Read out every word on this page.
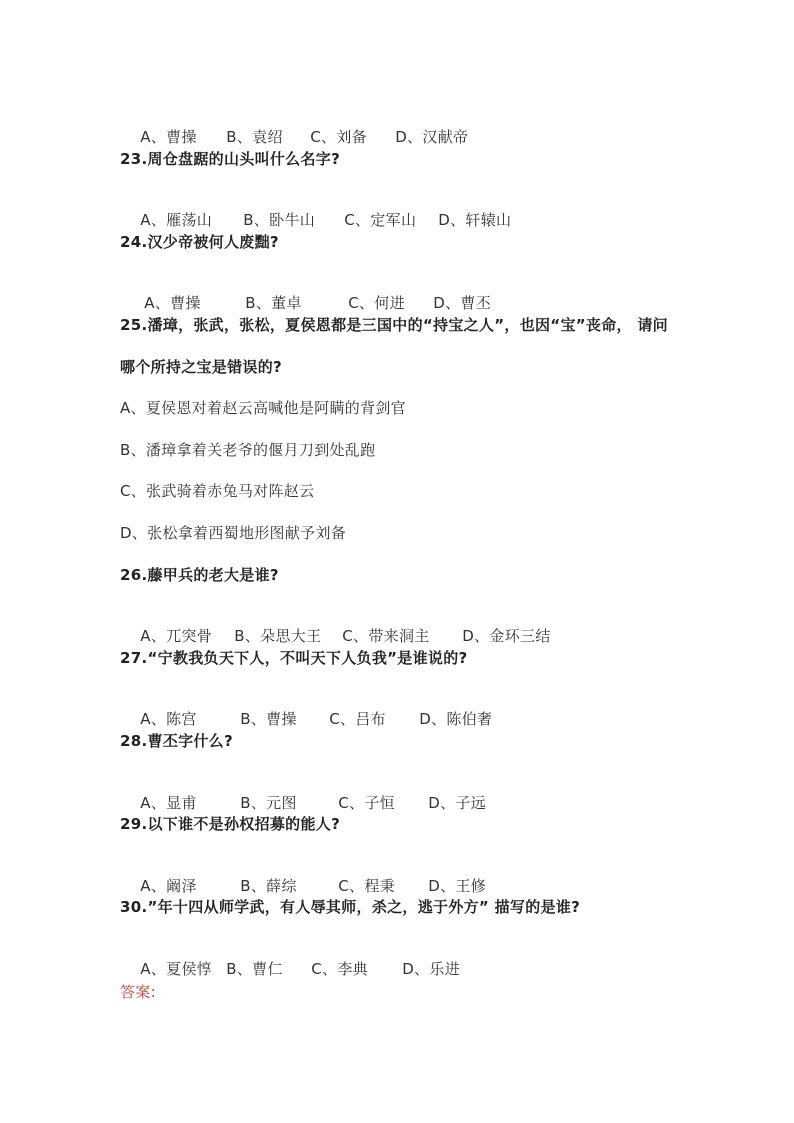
A、曹操 B、袁绍 C、刘备 D、汉献帝

23.周仓盘踞的山头叫什么名字?

A、雁荡山 B、卧牛山 C、定军山 D、轩辕山

24.汉少帝被何人废黜?

A、曹操	B、董卓	C、何进 D、曹丕

25.潘璋，张武，张松，夏侯恩都是三国中的“持宝之人”，也因“宝”丧命， 请问
哪个所持之宝是错误的?
A、夏侯恩对着赵云高喊他是阿瞒的背剑官
B、潘璋拿着关老爷的偃月刀到处乱跑
C、张武骑着赤兔马对阵赵云
D、张松拿着西蜀地形图献予刘备
26.藤甲兵的老大是谁?

A、兀突骨 B、朵思大王 C、带来洞主 D、金环三结

27.“宁教我负天下人，不叫天下人负我”是谁说的?

A、陈宫	B、曹操 C、吕布 D、陈伯奢

28.曹丕字什么?

A、显甫	B、元图	C、子恒 D、子远

29.以下谁不是孙权招募的能人?

A、阚泽	B、薛综	C、程秉 D、王修

30.”年十四从师学武，有人辱其师，杀之，逃于外方” 描写的是谁?

A、夏侯惇 B、曹仁 C、李典 D、乐进

答案:
